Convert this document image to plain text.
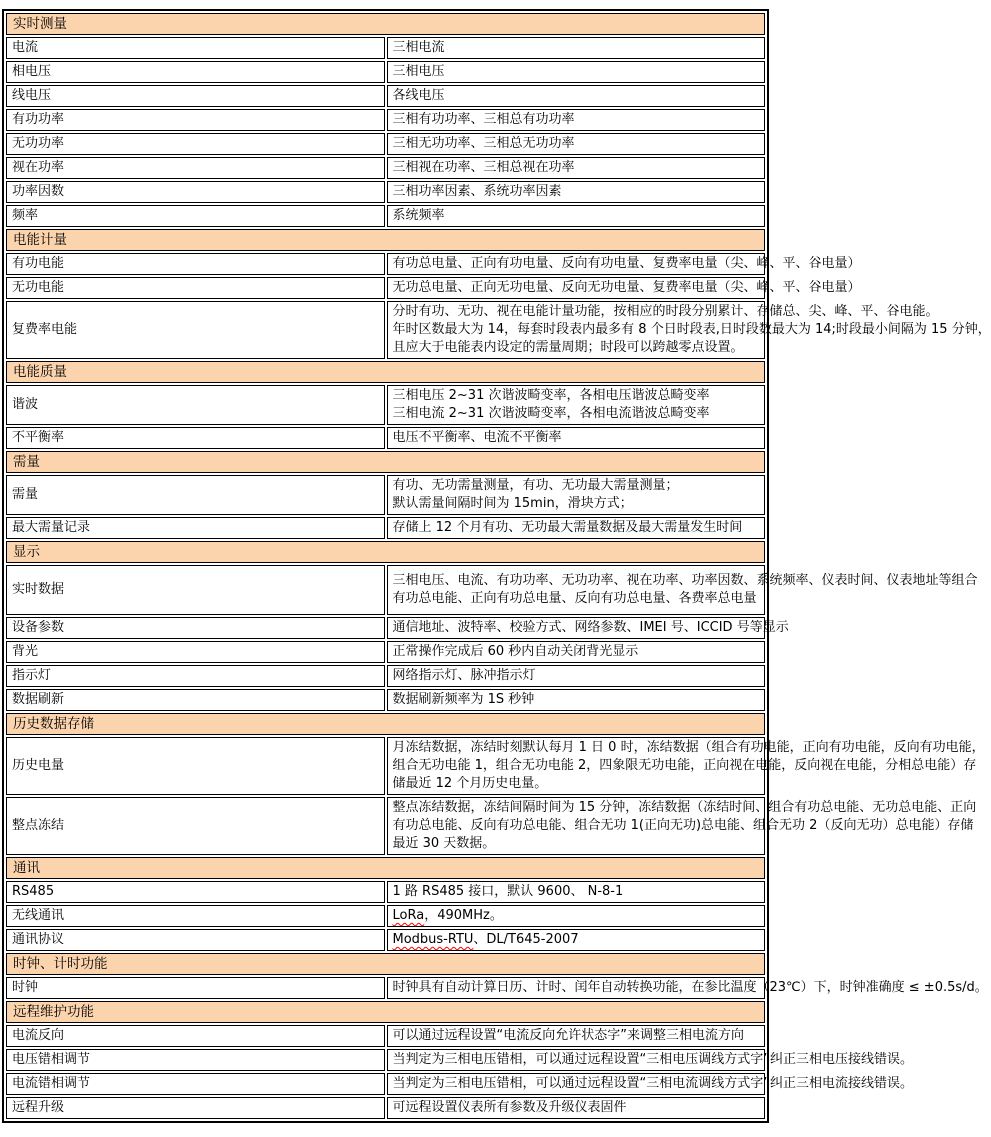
实时测量	
电流	三相电流

相电压	三相电压

线电压	各线电压

有功功率	三相有功功率、三相总有功功率

无功功率	三相无功功率、三相总无功功率

视在功率	三相视在功率、三相总视在功率

功率因数	三相功率因素、系统功率因素

频率	系统频率

电能计量	
有功电能	有功总电量、正向有功电量、反向有功电量、复费率电量（尖、峰、平、谷电量）

无功电能	无功总电量、正向无功电量、反向无功电量、复费率电量（尖、峰、平、谷电量）

复费率电能	分时有功、无功、视在电能计量功能，按相应的时段分别累计、存储总、尖、峰、平、谷电能。
年时区数最大为 14，每套时段表内最多有 8 个日时段表,日时段数最大为 14;时段最小间隔为 15 分钟，
且应大于电能表内设定的需量周期；时段可以跨越零点设置。

电能质量	
谐波	三相电压 2~31 次谐波畸变率，各相电压谐波总畸变率
三相电流 2~31 次谐波畸变率，各相电流谐波总畸变率

不平衡率	电压不平衡率、电流不平衡率

需量	
需量	有功、无功需量测量，有功、无功最大需量测量；
默认需量间隔时间为 15min，滑块方式；

最大需量记录	存储上 12 个月有功、无功最大需量数据及最大需量发生时间

显示	
实时数据	三相电压、电流、有功功率、无功功率、视在功率、功率因数、系统频率、仪表时间、仪表地址等组合
有功总电能、正向有功总电量、反向有功总电量、各费率总电量

设备参数	通信地址、波特率、校验方式、网络参数、IMEI 号、ICCID 号等显示

背光	正常操作完成后 60 秒内自动关闭背光显示

指示灯	网络指示灯、脉冲指示灯

数据刷新	数据刷新频率为 1S 秒钟

历史数据存储	
历史电量	月冻结数据，冻结时刻默认每月 1 日 0 时，冻结数据（组合有功电能，正向有功电能，反向有功电能，
组合无功电能 1，组合无功电能 2，四象限无功电能，正向视在电能，反向视在电能，分相总电能）存
储最近 12 个月历史电量。

整点冻结	整点冻结数据，冻结间隔时间为 15 分钟，冻结数据（冻结时间、组合有功总电能、无功总电能、正向
有功总电能、反向有功总电能、组合无功 1(正向无功)总电能、组合无功 2（反向无功）总电能）存储
最近 30 天数据。

通讯	
RS485	1 路 RS485 接口，默认 9600、 N-8-1

无线通讯	LoRa，490MHz。

通讯协议	Modbus-RTU、DL/T645-2007

时钟、计时功能	
时钟	时钟具有自动计算日历、计时、闰年自动转换功能，在参比温度（23℃）下，时钟准确度 ≤ ±0.5s/d。

远程维护功能	
电流反向	可以通过远程设置“电流反向允许状态字”来调整三相电流方向

电压错相调节	当判定为三相电压错相，可以通过远程设置“三相电压调线方式字”纠正三相电压接线错误。

电流错相调节	当判定为三相电压错相，可以通过远程设置“三相电流调线方式字”纠正三相电流接线错误。

远程升级	可远程设置仪表所有参数及升级仪表固件
